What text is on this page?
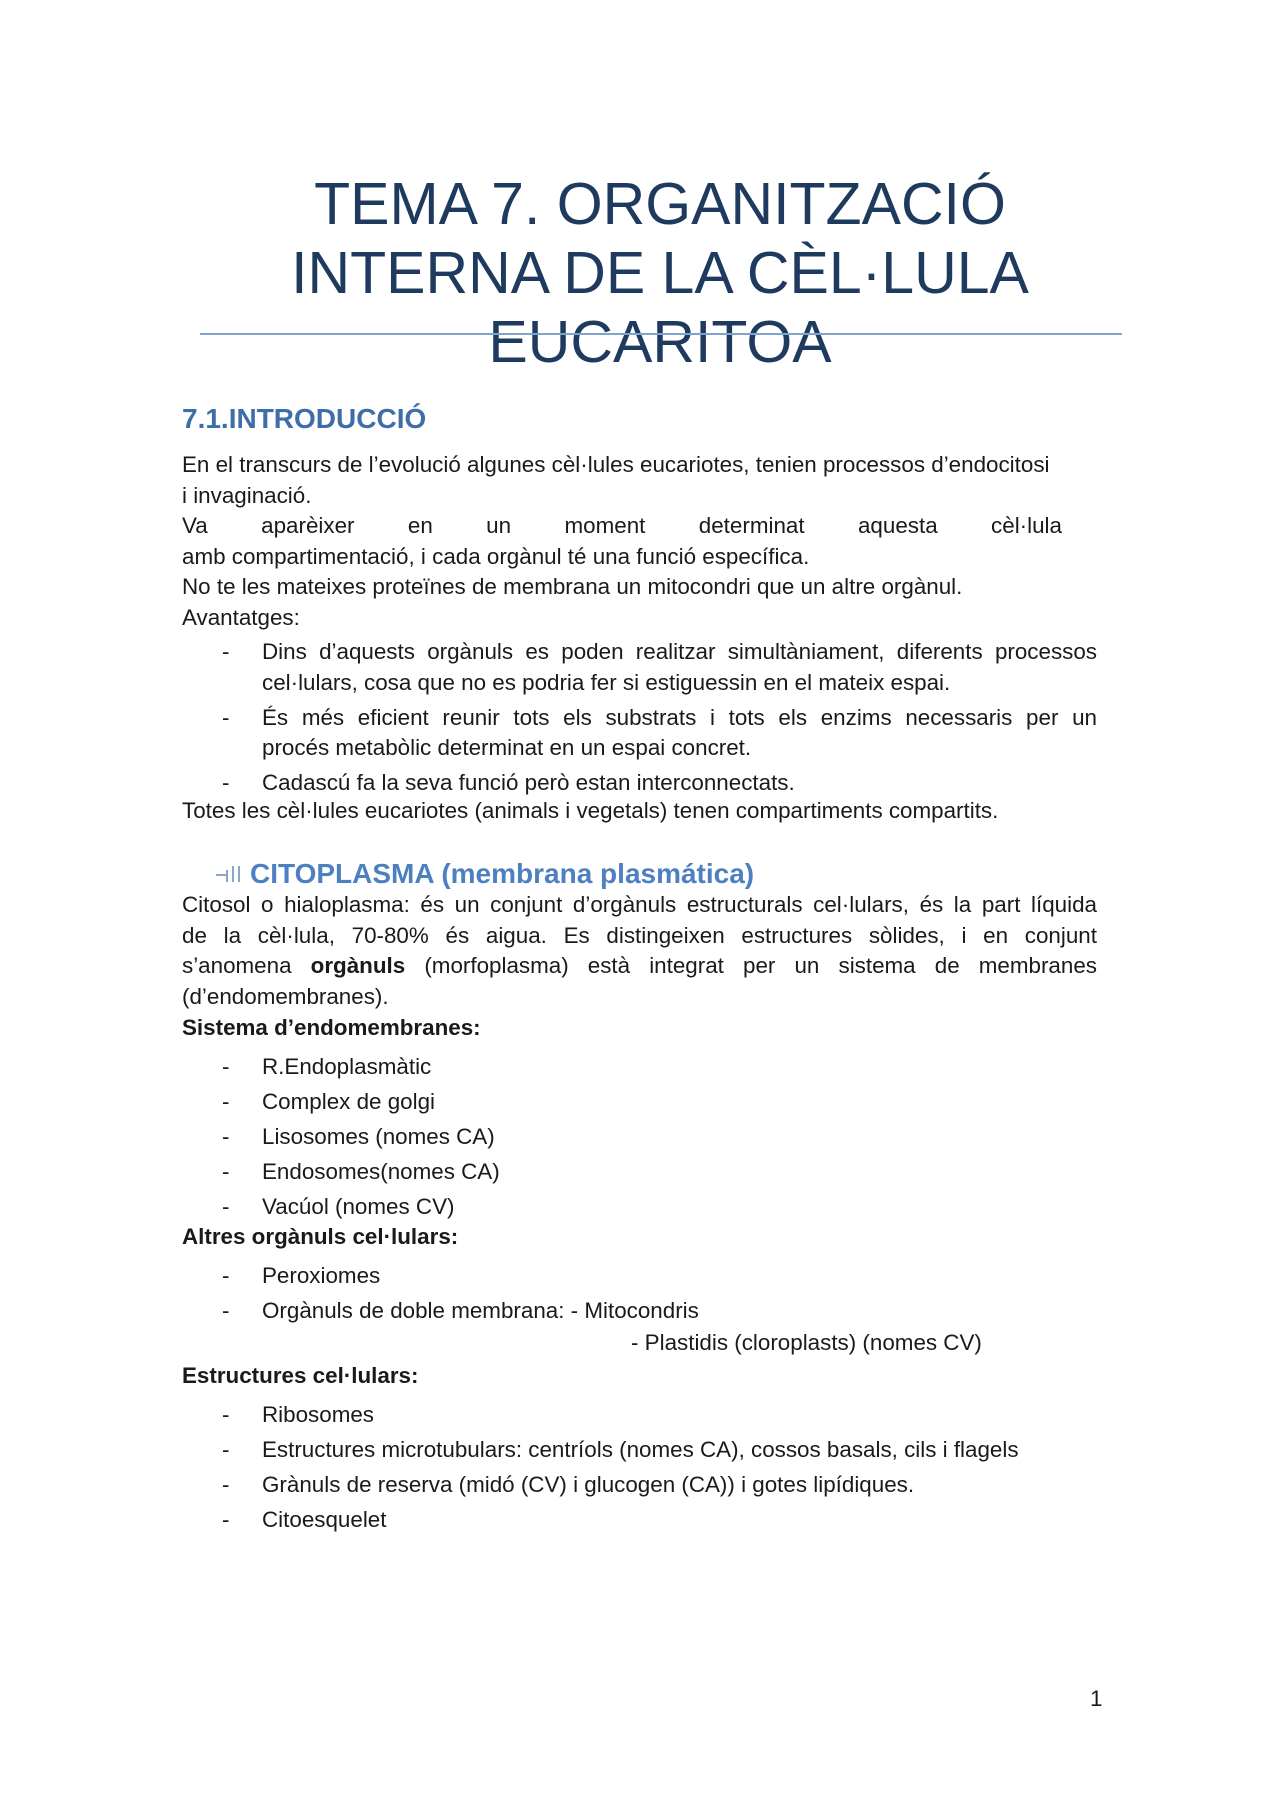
TEMA 7. ORGANITZACIÓ
INTERNA DE LA CÈL·LULA
EUCARITOA
7.1.INTRODUCCIÓ
En el transcurs de l’evolució algunes cèl·lules eucariotes, tenien processos d’endocitosi
i invaginació.
Va aparèixer en un moment determinat aquesta cèl·lula
amb compartimentació, i cada orgànul té una funció específica.
No te les mateixes proteïnes de membrana un mitocondri que un altre orgànul.
Avantatges:
- Dins d’aquests orgànuls es poden realitzar simultàniament, diferents processos
cel·lulars, cosa que no es podria fer si estiguessin en el mateix espai.
- És més eficient reunir tots els substrats i tots els enzims necessaris per un
procés metabòlic determinat en un espai concret.
- Cadascú fa la seva funció però estan interconnectats.
Totes les cèl·lules eucariotes (animals i vegetals) tenen compartiments compartits.
CITOPLASMA (membrana plasmática)
Citosol o hialoplasma: és un conjunt d’orgànuls estructurals cel·lulars, és la part líquida
de la cèl·lula, 70-80% és aigua. Es distingeixen estructures sòlides, i en conjunt
s’anomena orgànuls (morfoplasma) està integrat per un sistema de membranes
(d’endomembranes).
Sistema d’endomembranes:
- R.Endoplasmàtic
- Complex de golgi
- Lisosomes (nomes CA)
- Endosomes(nomes CA)
- Vacúol (nomes CV)
Altres orgànuls cel·lulars:
- Peroxiomes
- Orgànuls de doble membrana: - Mitocondris
- Plastidis (cloroplasts) (nomes CV)
Estructures cel·lulars:
- Ribosomes
- Estructures microtubulars: centríols (nomes CA), cossos basals, cils i flagels
- Grànuls de reserva (midó (CV) i glucogen (CA)) i gotes lipídiques.
- Citoesquelet
1
